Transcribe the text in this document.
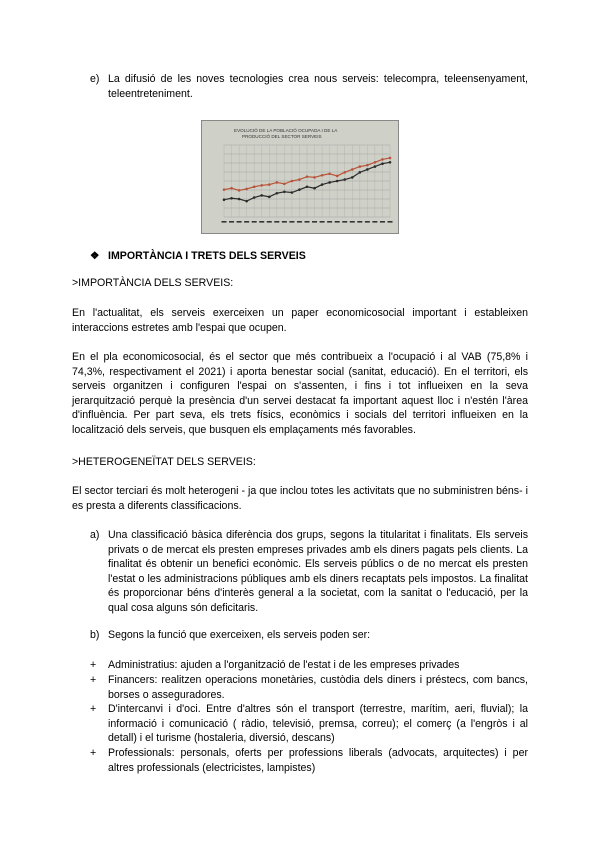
e) La difusió de les noves tecnologies crea nous serveis: telecompra, teleensenyament, teleentreteniment.
EVOLUCIÓ DE LA POBLACIÓ OCUPADA I DE LA
PRODUCCIÓ DEL SECTOR SERVEIS
❖ IMPORTÀNCIA I TRETS DELS SERVEIS
>IMPORTÀNCIA DELS SERVEIS:
En l'actualitat, els serveis exerceixen un paper economicosocial important i estableixen interaccions estretes amb l'espai que ocupen.
En el pla economicosocial, és el sector que més contribueix a l'ocupació i al VAB (75,8% i 74,3%, respectivament el 2021) i aporta benestar social (sanitat, educació). En el territori, els serveis organitzen i configuren l'espai on s'assenten, i fins i tot influeixen en la seva jerarquització perquè la presència d'un servei destacat fa important aquest lloc i n'estén l'àrea d'influència. Per part seva, els trets físics, econòmics i socials del territori influeixen en la localització dels serveis, que busquen els emplaçaments més favorables.
>HETEROGENEÏTAT DELS SERVEIS:
El sector terciari és molt heterogeni - ja que inclou totes les activitats que no subministren béns- i es presta a diferents classificacions.
a) Una classificació bàsica diferència dos grups, segons la titularitat i finalitats. Els serveis privats o de mercat els presten empreses privades amb els diners pagats pels clients. La finalitat és obtenir un benefici econòmic. Els serveis públics o de no mercat els presten l'estat o les administracions públiques amb els diners recaptats pels impostos. La finalitat és proporcionar béns d'interès general a la societat, com la sanitat o l'educació, per la qual cosa alguns són deficitaris.
b) Segons la funció que exerceixen, els serveis poden ser:
+ Administratius: ajuden a l'organització de l'estat i de les empreses privades
+ Financers: realitzen operacions monetàries, custòdia dels diners i préstecs, com bancs, borses o asseguradores.
+ D'intercanvi i d'oci. Entre d'altres són el transport (terrestre, marítim, aeri, fluvial); la informació i comunicació ( ràdio, televisió, premsa, correu); el comerç (a l'engròs i al detall) i el turisme (hostaleria, diversió, descans)
+ Professionals: personals, oferts per professions liberals (advocats, arquitectes) i per altres professionals (electricistes, lampistes)
